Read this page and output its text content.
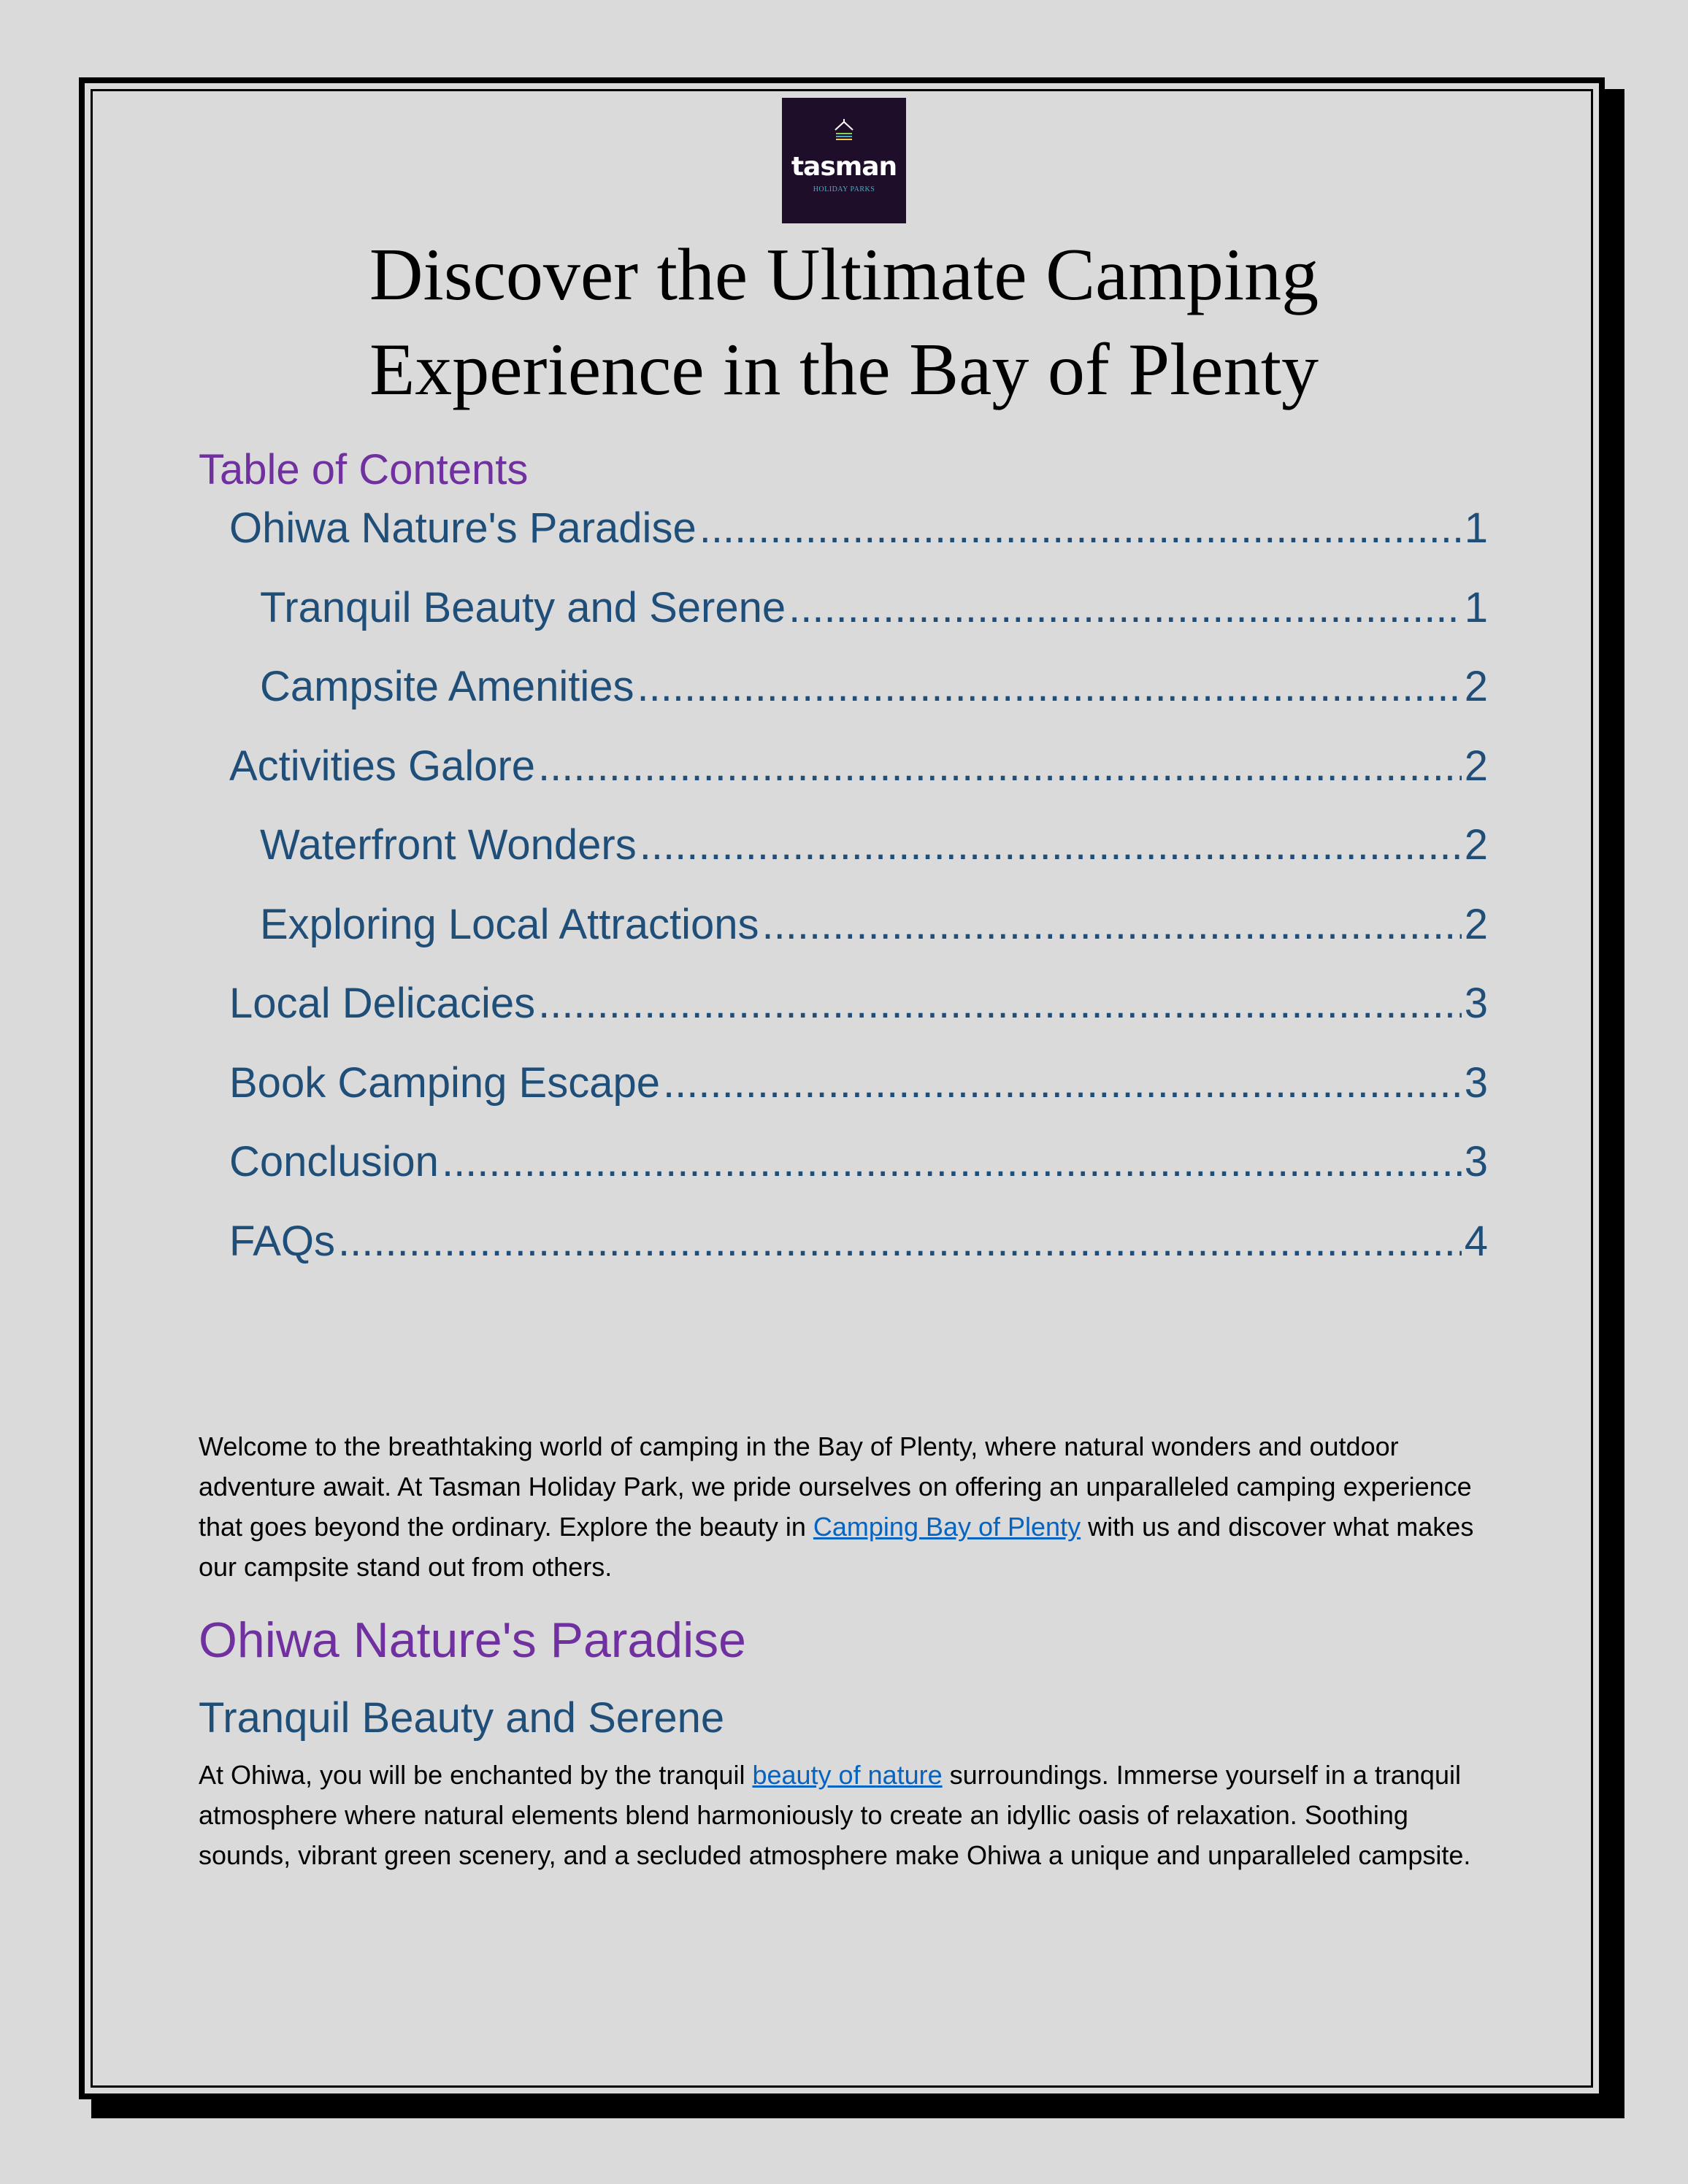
tasman
HOLIDAY PARKS
Discover the Ultimate Camping
Experience in the Bay of Plenty
Table of Contents
Ohiwa Nature's Paradise .....	1
Tranquil Beauty and Serene .....	1
Campsite Amenities .....	2
Activities Galore .....	2
Waterfront Wonders .....	2
Exploring Local Attractions .....	2
Local Delicacies .....	3
Book Camping Escape .....	3
Conclusion .....	3
FAQs .....	4

Welcome to the breathtaking world of camping in the Bay of Plenty, where natural wonders and outdoor adventure await. At Tasman Holiday Park, we pride ourselves on offering an unparalleled camping experience that goes beyond the ordinary. Explore the beauty in Camping Bay of Plenty with us and discover what makes our campsite stand out from others.

Ohiwa Nature's Paradise
Tranquil Beauty and Serene

At Ohiwa, you will be enchanted by the tranquil beauty of nature surroundings. Immerse yourself in a tranquil atmosphere where natural elements blend harmoniously to create an idyllic oasis of relaxation. Soothing sounds, vibrant green scenery, and a secluded atmosphere make Ohiwa a unique and unparalleled campsite.
